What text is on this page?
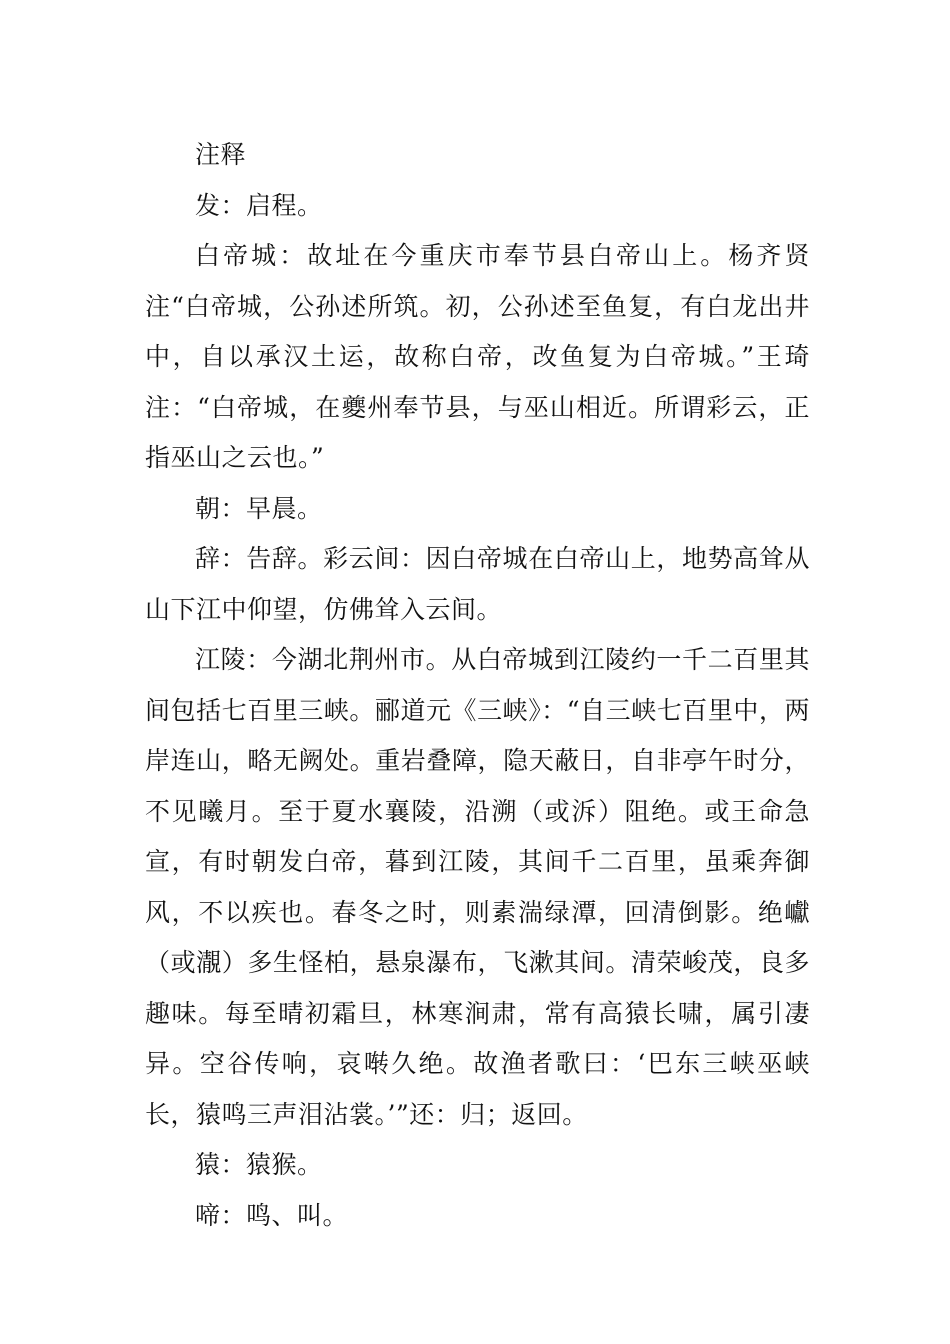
注释

发：启程。

白帝城：故址在今重庆市奉节县白帝山上。杨齐贤注“白帝城，公孙述所筑。初，公孙述至鱼复，有白龙出井中，自以承汉土运，故称白帝，改鱼复为白帝城。”王琦注：“白帝城，在夔州奉节县，与巫山相近。所谓彩云，正指巫山之云也。”

朝：早晨。

辞：告辞。彩云间：因白帝城在白帝山上，地势高耸从山下江中仰望，仿佛耸入云间。

江陵：今湖北荆州市。从白帝城到江陵约一千二百里其间包括七百里三峡。郦道元《三峡》：“自三峡七百里中，两岸连山，略无阙处。重岩叠障，隐天蔽日，自非亭午时分，不见曦月。至于夏水襄陵，沿溯（或泝）阻绝。或王命急宣，有时朝发白帝，暮到江陵，其间千二百里，虽乘奔御风，不以疾也。春冬之时，则素湍绿潭，回清倒影。绝巘（或㵾）多生怪柏，悬泉瀑布，飞漱其间。清荣峻茂，良多趣味。每至晴初霜旦，林寒涧肃，常有高猿长啸，属引凄异。空谷传响，哀啭久绝。故渔者歌曰：‘巴东三峡巫峡长，猿鸣三声泪沾裳。’”还：归；返回。

猿：猿猴。

啼：鸣、叫。
